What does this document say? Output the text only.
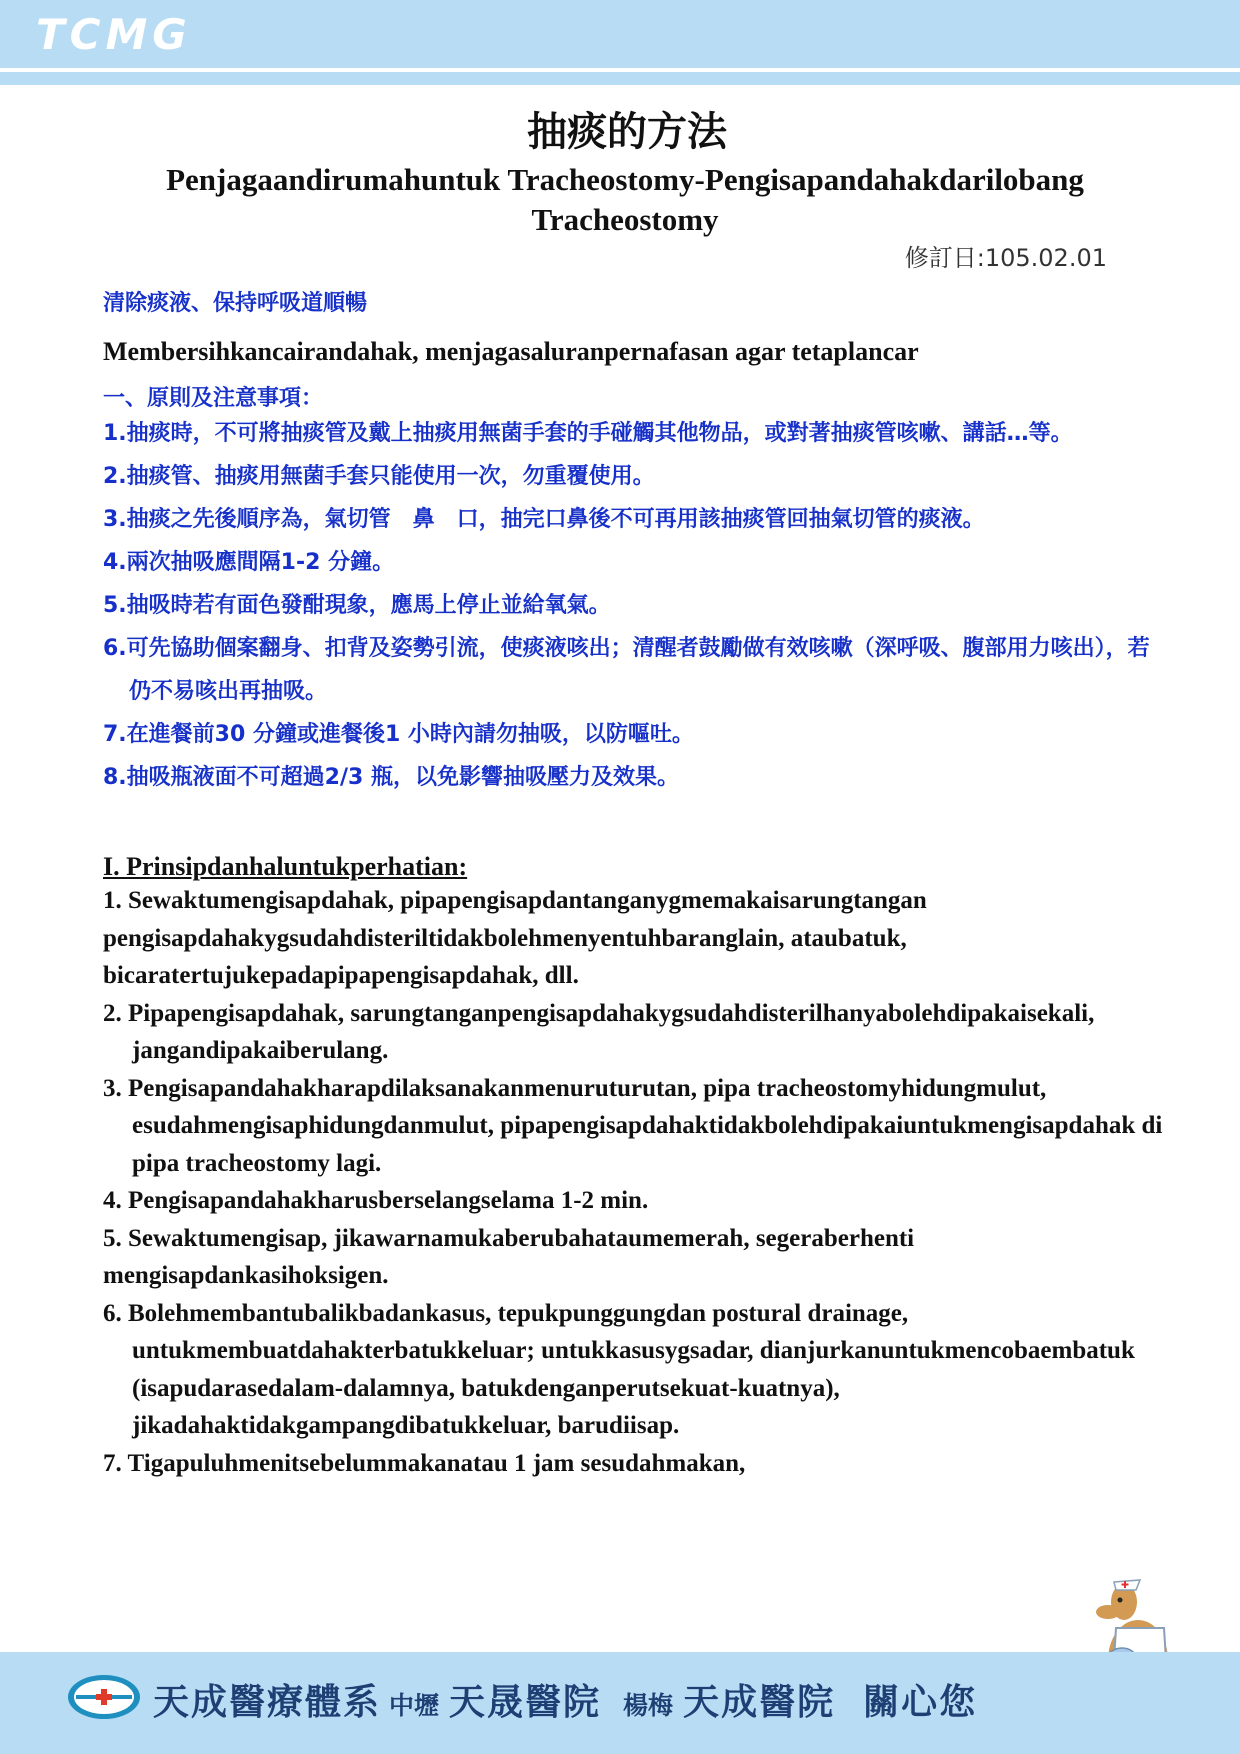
TCMG
抽痰的方法
Penjagaandirumahuntuk Tracheostomy-Pengisapandahakdarilobang Tracheostomy
修訂日:105.02.01
清除痰液、保持呼吸道順暢
Membersihkancairandahak, menjagasaluranpernafasan agar tetaplancar
一、原則及注意事項：
1.抽痰時，不可將抽痰管及戴上抽痰用無菌手套的手碰觸其他物品，或對著抽痰管咳嗽、講話…等。
2.抽痰管、抽痰用無菌手套只能使用一次，勿重覆使用。
3.抽痰之先後順序為，氣切管　鼻　口，抽完口鼻後不可再用該抽痰管回抽氣切管的痰液。
4.兩次抽吸應間隔1-2 分鐘。
5.抽吸時若有面色發酣現象，應馬上停止並給氧氣。
6.可先協助個案翻身、扣背及姿勢引流，使痰液咳出；清醒者鼓勵做有效咳嗽（深呼吸、腹部用力咳出），若仍不易咳出再抽吸。
7.在進餐前30 分鐘或進餐後1 小時內請勿抽吸，以防嘔吐。
8.抽吸瓶液面不可超過2/3 瓶，以免影響抽吸壓力及效果。
I. Prinsipdanhaluntukperhatian:
1. Sewaktumengisapdahak, pipapengisapdantanganygmemakaisarungtangan pengisapdahakygsudahdisteriltidakbolehmenyentuhbaranglain, ataubatuk, bicaratertujukepadapipapengisapdahak, dll.
2. Pipapengisapdahak, sarungtanganpengisapdahakygsudahdisterilhanyabolehdipakaisekali, jangandipakaiberulang.
3. Pengisapandahakharapdilaksanakanmenuruturutan, pipa tracheostomyhidungmulut, esudahmengisaphidungdanmulut, pipapengisapdahaktidakbolehdipakaiuntukmengisapdahak di pipa tracheostomy lagi.
4. Pengisapandahakharusberselangselama 1-2 min.
5. Sewaktumengisap, jikawarnamukaberubahataumemerah, segeraberhenti mengisapdankasihoksigen.
6. Bolehmembantubalikbadankasus, tepukpunggungdan postural drainage, untukmembuatdahakterbatukkeluar; untukkasusygsadar, dianjurkanuntukmencobaembatuk (isapudarasedalam-dalamnya, batukdenganperutsekuat-kuatnya), jikadahaktidakgampangdibatukkeluar, barudiisap.
7. Tigapuluhmenitsebelummakanatau 1 jam sesudahmakan,
天成醫療體系 中壢 天晟醫院 楊梅 天成醫院 關心您
